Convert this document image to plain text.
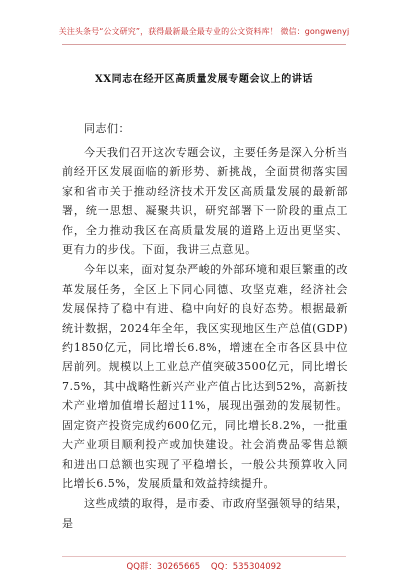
关注头条号“公文研究”，获得最新最全最专业的公文资料库！ 微信：gongwenyj
XX同志在经开区高质量发展专题会议上的讲话
同志们：

今天我们召开这次专题会议，主要任务是深入分析当前经开区发展面临的新形势、新挑战，全面贯彻落实国家和省市关于推动经济技术开发区高质量发展的最新部署，统一思想、凝聚共识，研究部署下一阶段的重点工作，全力推动我区在高质量发展的道路上迈出更坚实、更有力的步伐。下面，我讲三点意见。

今年以来，面对复杂严峻的外部环境和艰巨繁重的改革发展任务，全区上下同心同德、攻坚克难，经济社会发展保持了稳中有进、稳中向好的良好态势。根据最新统计数据，2024年全年，我区实现地区生产总值(GDP)约1850亿元，同比增长6.8%，增速在全市各区县中位居前列。规模以上工业总产值突破3500亿元，同比增长7.5%，其中战略性新兴产业产值占比达到52%，高新技术产业增加值增长超过11%，展现出强劲的发展韧性。固定资产投资完成约600亿元，同比增长8.2%，一批重大产业项目顺利投产或加快建设。社会消费品零售总额和进出口总额也实现了平稳增长，一般公共预算收入同比增长6.5%，发展质量和效益持续提升。

这些成绩的取得，是市委、市政府坚强领导的结果，是

QQ群：30265665 QQ：535304092
